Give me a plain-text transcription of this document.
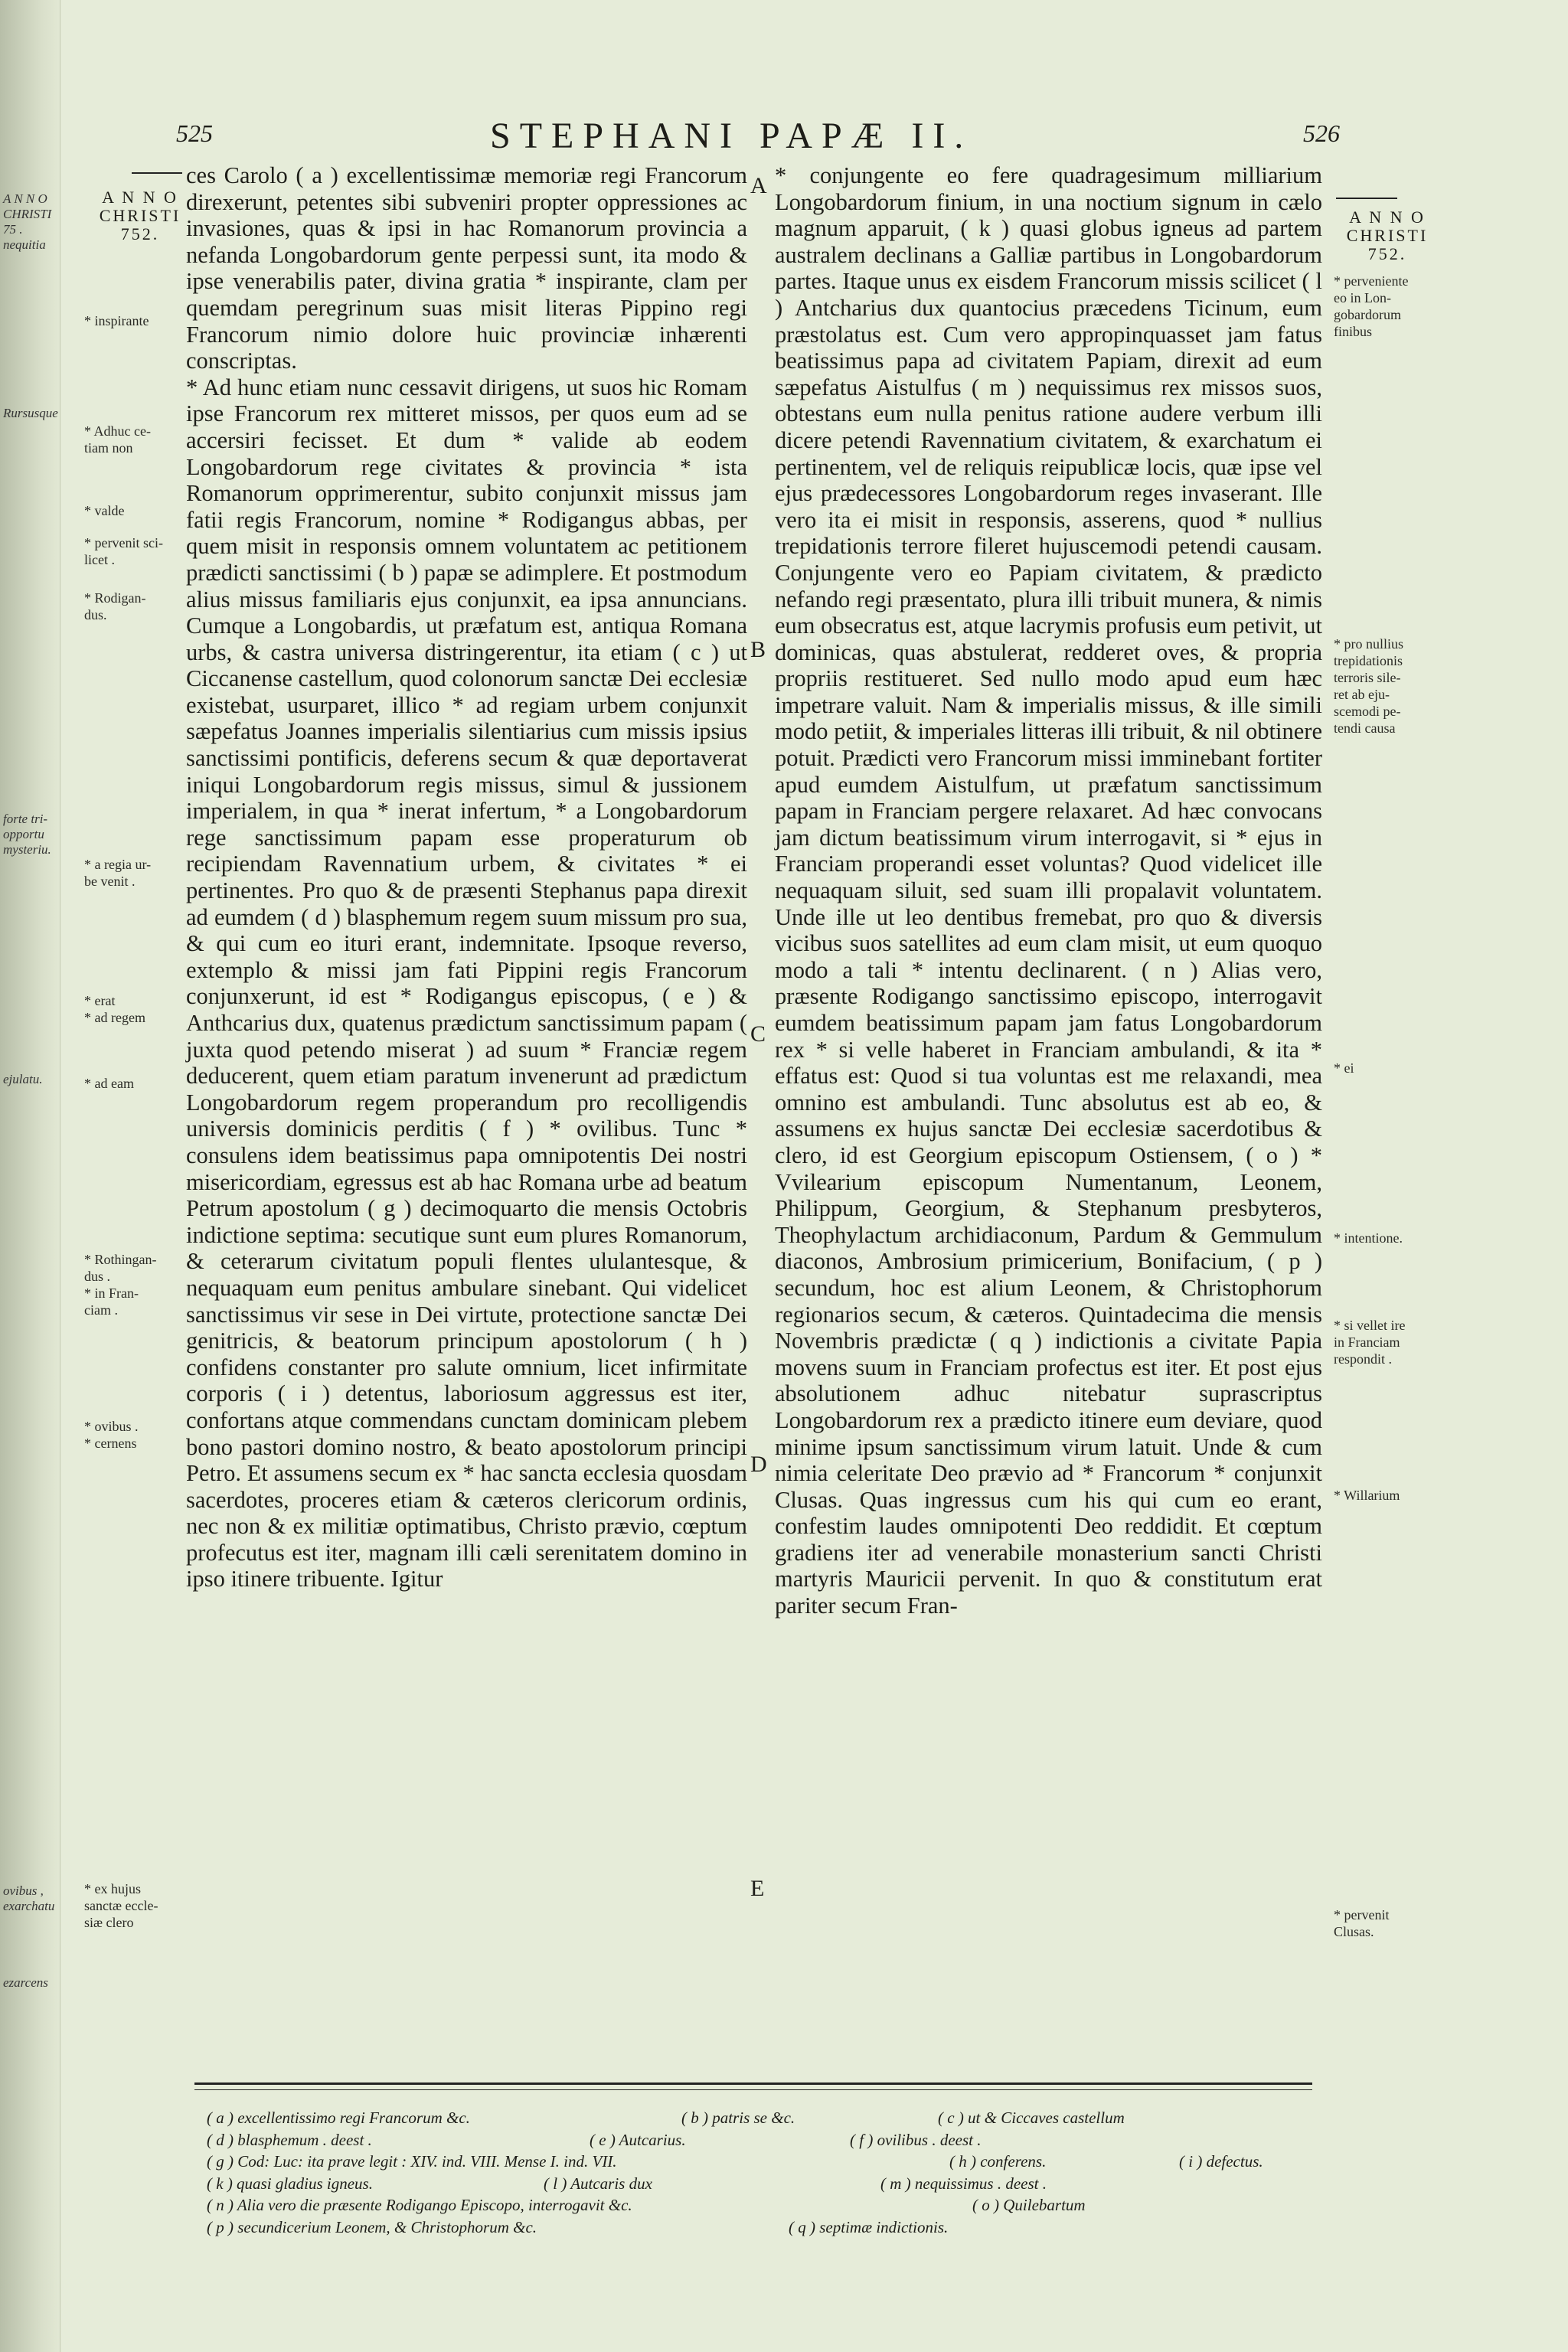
A N N O
CHRISTI
75 .
nequitia
Rursusque
forte tri-
opportu
mysteriu.
ejulatu.
ovibus ,
exarchatu
ezarcens
525	STEPHANI PAPÆ II.	526
A N N O
CHRISTI
752.
A N N O
CHRISTI
752.
* inspirante
* Adhuc ce-
tiam non
* valde
* pervenit sci-
licet .
* Rodigan-
dus.
* a regia ur-
be venit .
* erat
* ad regem
* ad eam
* Rothingan-
dus .
* in Fran-
ciam .
* ovibus .
* cernens
* ex hujus
sanctæ eccle-
siæ clero
* perveniente
eo in Lon-
gobardorum
finibus
* pro nullius
trepidationis
terroris sile-
ret ab eju-
scemodi pe-
tendi causa
* ei
* intentione.
* si vellet ire
in Franciam
respondit .
* Willarium
* pervenit
Clusas.

ces Carolo ( a ) excellentissimæ memoriæ regi Francorum direxerunt, petentes sibi subveniri propter oppressiones ac invasiones, quas & ipsi in hac Romanorum provincia a nefanda Longobardorum gente perpessi sunt, ita modo & ipse venerabilis pater, divina gratia * inspirante, clam per quemdam peregrinum suas misit literas Pippino regi Francorum nimio dolore huic provinciæ inhærenti conscriptas.

* Ad hunc etiam nunc cessavit dirigens, ut suos hic Romam ipse Francorum rex mitteret missos, per quos eum ad se accersiri fecisset. Et dum * valide ab eodem Longobardorum rege civitates & provincia * ista Romanorum opprimerentur, subito conjunxit missus jam fatii regis Francorum, nomine * Rodigangus abbas, per quem misit in responsis omnem voluntatem ac petitionem prædicti sanctissimi ( b ) papæ se adimplere. Et postmodum alius missus familiaris ejus conjunxit, ea ipsa annuncians. Cumque a Longobardis, ut præfatum est, antiqua Romana urbs, & castra universa distringerentur, ita etiam ( c ) ut Ciccanense castellum, quod colonorum sanctæ Dei ecclesiæ existebat, usurparet, illico * ad regiam urbem conjunxit sæpefatus Joannes imperialis silentiarius cum missis ipsius sanctissimi pontificis, deferens secum & quæ deportaverat iniqui Longobardorum regis missus, simul & jussionem imperialem, in qua * inerat infertum, * a Longobardorum rege sanctissimum papam esse properaturum ob recipiendam Ravennatium urbem, & civitates * ei pertinentes. Pro quo & de præsenti Stephanus papa direxit ad eumdem ( d ) blasphemum regem suum missum pro sua, & qui cum eo ituri erant, indemnitate. Ipsoque reverso, extemplo & missi jam fati Pippini regis Francorum conjunxerunt, id est * Rodigangus episcopus, ( e ) & Anthcarius dux, quatenus prædictum sanctissimum papam ( juxta quod petendo miserat ) ad suum * Franciæ regem deducerent, quem etiam paratum invenerunt ad prædictum Longobardorum regem properandum pro recolligendis universis dominicis perditis ( f ) * ovilibus. Tunc * consulens idem beatissimus papa omnipotentis Dei nostri misericordiam, egressus est ab hac Romana urbe ad beatum Petrum apostolum ( g ) decimoquarto die mensis Octobris indictione septima: secutique sunt eum plures Romanorum, & ceterarum civitatum populi flentes ululantesque, & nequaquam eum penitus ambulare sinebant. Qui videlicet sanctissimus vir sese in Dei virtute, protectione sanctæ Dei genitricis, & beatorum principum apostolorum ( h ) confidens constanter pro salute omnium, licet infirmitate corporis ( i ) detentus, laboriosum aggressus est iter, confortans atque commendans cunctam dominicam plebem bono pastori domino nostro, & beato apostolorum principi Petro. Et assumens secum ex * hac sancta ecclesia quosdam sacerdotes, proceres etiam & cæteros clericorum ordinis, nec non & ex militiæ optimatibus, Christo prævio, cœptum profecutus est iter, magnam illi cæli serenitatem domino in ipso itinere tribuente. Igitur

A
B
C
D
E

* conjungente eo fere quadragesimum milliarium Longobardorum finium, in una noctium signum in cælo magnum apparuit, ( k ) quasi globus igneus ad partem australem declinans a Galliæ partibus in Longobardorum partes. Itaque unus ex eisdem Francorum missis scilicet ( l ) Antcharius dux quantocius præcedens Ticinum, eum præstolatus est. Cum vero appropinquasset jam fatus beatissimus papa ad civitatem Papiam, direxit ad eum sæpefatus Aistulfus ( m ) nequissimus rex missos suos, obtestans eum nulla penitus ratione audere verbum illi dicere petendi Ravennatium civitatem, & exarchatum ei pertinentem, vel de reliquis reipublicæ locis, quæ ipse vel ejus prædecessores Longobardorum reges invaserant. Ille vero ita ei misit in responsis, asserens, quod * nullius trepidationis terrore fileret hujuscemodi petendi causam. Conjungente vero eo Papiam civitatem, & prædicto nefando regi præsentato, plura illi tribuit munera, & nimis eum obsecratus est, atque lacrymis profusis eum petivit, ut dominicas, quas abstulerat, redderet oves, & propria propriis restitueret. Sed nullo modo apud eum hæc impetrare valuit. Nam & imperialis missus, & ille simili modo petiit, & imperiales litteras illi tribuit, & nil obtinere potuit. Prædicti vero Francorum missi imminebant fortiter apud eumdem Aistulfum, ut præfatum sanctissimum papam in Franciam pergere relaxaret. Ad hæc convocans jam dictum beatissimum virum interrogavit, si * ejus in Franciam properandi esset voluntas? Quod videlicet ille nequaquam siluit, sed suam illi propalavit voluntatem. Unde ille ut leo dentibus fremebat, pro quo & diversis vicibus suos satellites ad eum clam misit, ut eum quoquo modo a tali * intentu declinarent. ( n ) Alias vero, præsente Rodigango sanctissimo episcopo, interrogavit eumdem beatissimum papam jam fatus Longobardorum rex * si velle haberet in Franciam ambulandi, & ita * effatus est: Quod si tua voluntas est me relaxandi, mea omnino est ambulandi. Tunc absolutus est ab eo, & assumens ex hujus sanctæ Dei ecclesiæ sacerdotibus & clero, id est Georgium episcopum Ostiensem, ( o ) * Vvilearium episcopum Numentanum, Leonem, Philippum, Georgium, & Stephanum presbyteros, Theophylactum archidiaconum, Pardum & Gemmulum diaconos, Ambrosium primicerium, Bonifacium, ( p ) secundum, hoc est alium Leonem, & Christophorum regionarios secum, & cæteros. Quintadecima die mensis Novembris prædictæ ( q ) indictionis a civitate Papia movens suum in Franciam profectus est iter. Et post ejus absolutionem adhuc nitebatur suprascriptus Longobardorum rex a prædicto itinere eum deviare, quod minime ipsum sanctissimum virum latuit. Unde & cum nimia celeritate Deo prævio ad * Francorum * conjunxit Clusas. Quas ingressus cum his qui cum eo erant, confestim laudes omnipotenti Deo reddidit. Et cœptum gradiens iter ad venerabile monasterium sancti Christi martyris Mauricii pervenit. In quo & constitutum erat pariter secum Fran-

( a ) excellentissimo regi Francorum &c.	( b ) patris se &c.	( c ) ut & Ciccaves castellum
( d ) blasphemum . deest .	( e ) Autcarius.	( f ) ovilibus . deest .
( g ) Cod: Luc: ita prave legit : XIV. ind. VIII. Mense I. ind. VII.	( h ) conferens.	( i ) defectus.
( k ) quasi gladius igneus.	( l ) Autcaris dux	( m ) nequissimus . deest .
( n ) Alia vero die præsente Rodigango Episcopo, interrogavit &c.	( o ) Quilebartum
( p ) secundicerium Leonem, & Christophorum &c.	( q ) septimæ indictionis.
